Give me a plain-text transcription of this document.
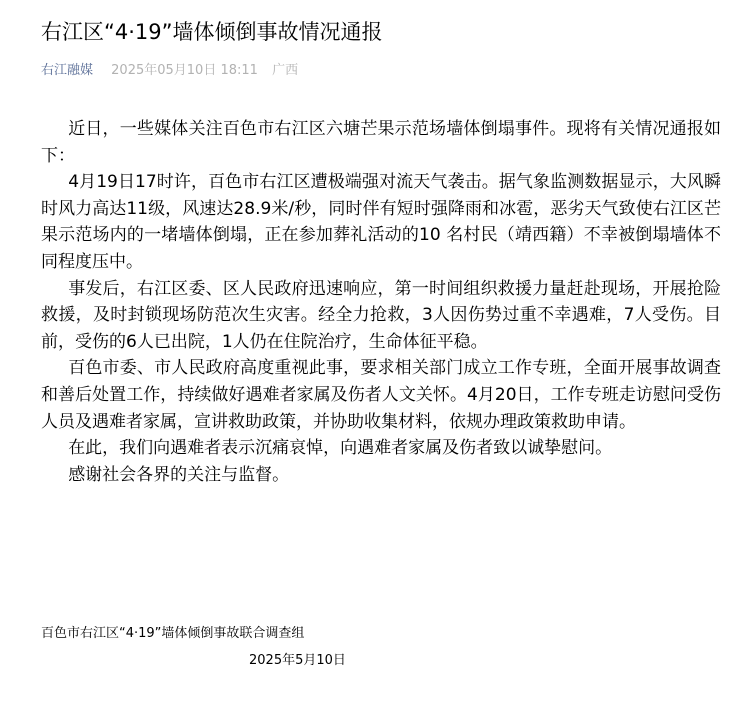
右江区“4·19”墙体倾倒事故情况通报
右江融媒 2025年05月10日 18:11 广西

近日，一些媒体关注百色市右江区六塘芒果示范场墙体倒塌事件。现将有关情况通报如下：

4月19日17时许，百色市右江区遭极端强对流天气袭击。据气象监测数据显示，大风瞬时风力高达11级，风速达28.9米/秒，同时伴有短时强降雨和冰雹，恶劣天气致使右江区芒果示范场内的一堵墙体倒塌，正在参加葬礼活动的10 名村民（靖西籍）不幸被倒塌墙体不同程度压中。

事发后，右江区委、区人民政府迅速响应，第一时间组织救援力量赶赴现场，开展抢险救援，及时封锁现场防范次生灾害。经全力抢救，3人因伤势过重不幸遇难，7人受伤。目前，受伤的6人已出院，1人仍在住院治疗，生命体征平稳。

百色市委、市人民政府高度重视此事，要求相关部门成立工作专班，全面开展事故调查和善后处置工作，持续做好遇难者家属及伤者人文关怀。4月20日，工作专班走访慰问受伤人员及遇难者家属，宣讲救助政策，并协助收集材料，依规办理政策救助申请。

在此，我们向遇难者表示沉痛哀悼，向遇难者家属及伤者致以诚挚慰问。

感谢社会各界的关注与监督。

百色市右江区“4·19”墙体倾倒事故联合调查组
2025年5月10日
